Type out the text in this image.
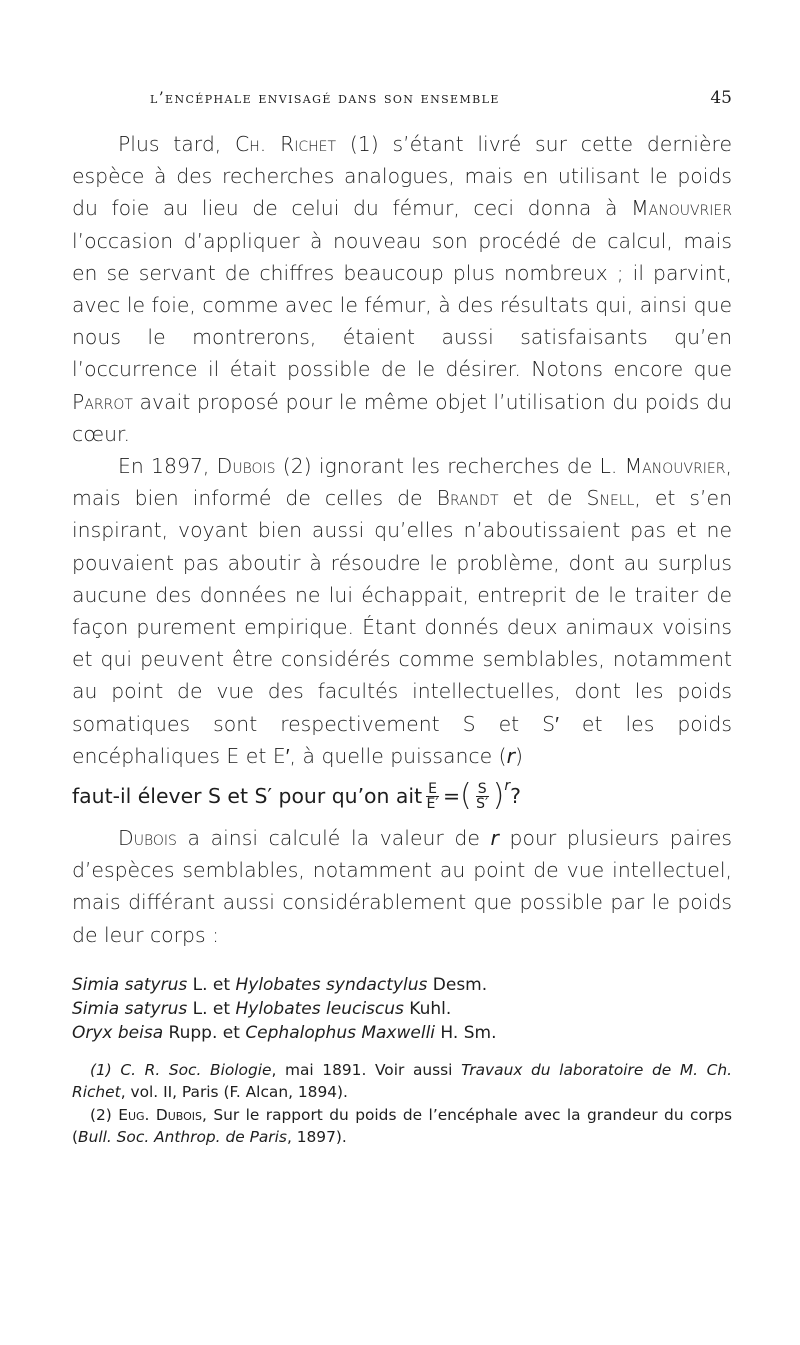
l’encéphale envisagé dans son ensemble	45

Plus tard, Ch. Richet (1) s’étant livré sur cette dernière espèce à des recherches analogues, mais en utilisant le poids du foie au lieu de celui du fémur, ceci donna à Manouvrier l’occasion d’appliquer à nouveau son procédé de calcul, mais en se servant de chiffres beaucoup plus nombreux ; il parvint, avec le foie, comme avec le fémur, à des résultats qui, ainsi que nous le montrerons, étaient aussi satisfaisants qu’en l’occurrence il était possible de le désirer. Notons encore que Parrot avait proposé pour le même objet l’utilisation du poids du cœur.

En 1897, Dubois (2) ignorant les recherches de L. Manouvrier, mais bien informé de celles de Brandt et de Snell, et s’en inspirant, voyant bien aussi qu’elles n’aboutissaient pas et ne pouvaient pas aboutir à résoudre le problème, dont au surplus aucune des données ne lui échappait, entreprit de le traiter de façon purement empirique. Étant donnés deux animaux voisins et qui peuvent être considérés comme semblables, notamment au point de vue des facultés intellectuelles, dont les poids somatiques sont respectivement S et S′ et les poids encéphaliques E et E′, à quelle puissance (r)

faut-il élever S et S′ pour qu’on ait $\frac{E}{E'}$ = ( $\frac{S}{S'} )^r$ ?

Dubois a ainsi calculé la valeur de r pour plusieurs paires d’espèces semblables, notamment au point de vue intellectuel, mais différant aussi considérablement que possible par le poids de leur corps :

Simia satyrus L. et Hylobates syndactylus Desm.
Simia satyrus L. et Hylobates leuciscus Kuhl.
Oryx beisa Rupp. et Cephalophus Maxwelli H. Sm.

(1) C. R. Soc. Biologie, mai 1891. Voir aussi Travaux du laboratoire de M. Ch. Richet, vol. II, Paris (F. Alcan, 1894).

(2) Eug. Dubois, Sur le rapport du poids de l’encéphale avec la grandeur du corps (Bull. Soc. Anthrop. de Paris, 1897).
